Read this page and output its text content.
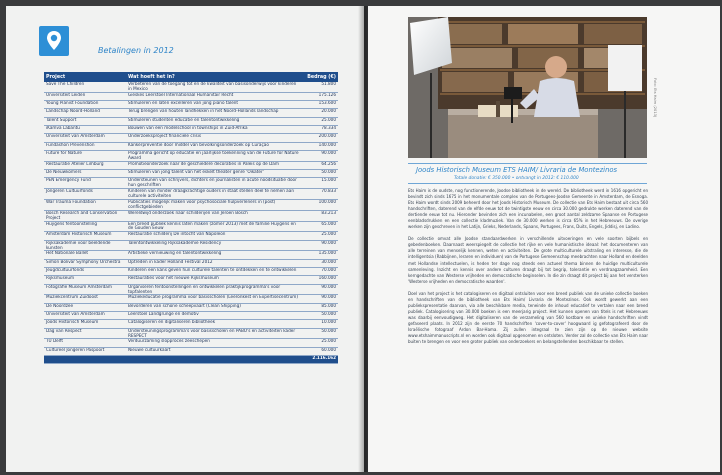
Betalingen in 2012
Project	Wat hoeft het in?	Bedrag (€)
Save The Children	Verbeteren van de toegang tot en de kwaliteit van basisonderwijs voor kinderen in Mexico	51.800
Universiteit Leiden	Gieskes Leerstoel Internationaal Humanitair Recht	175.126
Young Pianist Foundation	Stimuleren en laten excelleren van jong piano talent	153.600
Landschap Noord-Holland	Terug brengen van houten landhekken in het Noord-Hollands landschap	20.000
Talent Support	Stimuleren studenten educatie en talentontwikkeling	25.000
iKamva Labantu	Bouwen van een modelschool in townships in Zuid-Afrika	78.334
Universiteit van Amsterdam	Onderzoeksproject financiële crisis	200.000
Fundashon Prevenshon	Kankerpreventie door middel van bevolkingsonderzoek op Curaçao	140.000
Future for Nature	Programma gericht op educatie en jaarlijkse toekenning van de Future for Nature Award	90.000
Restauratie Atelier Limburg	Promotieonderzoek naar de geschiedere decoraties in Paleis op de Dam	64.256
De Nieuwkomers	Stimuleren van jong talent van het eskelt theater genre 'Oikater'	50.000
PEN Emergency Fund	Ondersteunen van schrijvers, dichters en journalisten in acute noodsituatie door hun geschriften	15.000
Jongeren Cultuurfonds	Kinderen van minder draagkrachtige ouders in staat stellen deel te nemen aan culturele activiteiten	70.833
War Trauma Foundation	Publicaties mogelijk maken voor psychosociale hulpverleners in (post) conflictgebieden	100.000
Bosch Research and Conservation Project	Wereldwijd onderzoek naar schilderijen van Jeroen Bosch	83.213
Huygens fentoonstelling	Een breed publiek kennis laten maken (zomer 2013) met de familie Huygens en de Gouden Eeuw	65.000
Amsterdam Historisch Museum	Restauratie schilderij De intocht van Napoleon	25.000
Rijksakademie voor beeldende kunsten	Talentontwikkeling Rijksakademie Residency	90.000
Het Nationale Ballet	Artistieke vernieuwing en talentontwikkeling	135.000
Simon Bolivar Symphony Orchestra	Optreden in kader Holland Festival 2012	30.000
Jeugdcultuurfonds	Kinderen een kans geven hun culturele talenten te ontdekken en te ontwikkelen	70.000
Rijksmuseum	Restauraties voor het nieuwe Rijksmuseum	160.000
Fotografie Museum Amsterdam	Organiseren fentoonstellingen en ontwikkelen praktijkprogramma's voor topfalenten	90.000
Muziekcentrum Zuidoost	Muziekeducatie programma voor basisscholen (Leeronkest en Expertisecentrum)	90.000
De Noordzee	Bevorderen van schone scheepvaart (Clean Shipping)	85.000
Universiteit van Amsterdam	Leerstoel Landgrunge en demotiv	50.000
Joods Historisch Museum	Catalogiseren en digitaliseren bibliotheek	10.000
Dag van Respect	Ondersteuningsprogramma's voor basisscholen en PABO's en activiteiten kader RESPECT	50.000
TU Delft	Verduurzaming slopproces zeeschepen	25.000
Cultureel Jongeren Paspoort	Nieuwe cultuurkaart	60.000
		2.116.162
Foto: Ets Haim (2013)
Joods Historisch Museum ETS HAIM/ Livraria de Montezinos
Totale donatie: € 350.000 • ontvangt in 2012: € 110.000

Ets Haim is de oudste, nog functionerende, Joodse bibliotheek in de wereld. De bibliotheek werd in 1616 opgericht en bevindt zich sinds 1675 in het monumentale complex van de Portugees-Joodse Gemeente in Amsterdam, de Esnoga. Ets Haim wordt sinds 2009 beheerd door het Joods Historisch Museum. De collectie van Ets Haim bestaat uit circa 560 handschriften, daterend van de elfde eeuw tot de twintigste eeuw en circa 30.000 gedrukte werken daterend van de dertiende eeuw tot nu. Hieronder bevinden zich een incunabelen, een groot aantal zeldzame Spaanse en Portugese eenbladsdrukken en een collectie kladmuziek. Van de 30.000 werken is circa 65% in het Hebreeuws. De overige werken zijn geschreven in het Latijn, Grieks, Nederlands, Spaans, Portugees, Frans, Duits, Engels, Jiddisj, en Ladino.

De collectie omvat alle Joodse standaardwerken in verschillende uitvoeringen en vele soorten bijbels en gebedenboeken. Daarnaast weerspiegelt de collectie het rijke en vele humanistische ideaal: het documenteren van alle terreinen van menselijk kennen, weten en activiteiten. De grote multiculturele uitstraling en interesse, die de intelligentsia (Rabbijnen, leraren en individuen) van de Portugese Gemeenschap meebrachten naar Holland en deelden met Hollandse intellectuelen, is heden ter dage nog steeds een actueel thema binnen de huidige multiculturele samenleving. Inzicht en kennis over andere culturen draagt bij tot begrip, tolerantie en verdraagzaamheid. Een kerngedachte van Westerse vrijheden en democratische beginselen. In die zin draagt dit project bij aan het versterken 'Westerse vrijheden en democratische waarden'.

Doel van het project is het catalogiseren en digitaal ontsluiten voor een breed publiek van de unieke collectie boeken en handschriften van de bibliotheek van Ets Haim/ Livraria de Montezinos. Ook wordt gewerkt aan een publiekspresentatie daarvan, via alle beschikbare media, teneinde de inhoud educatief te vertalen naar een breed publiek. Catalogisering van 30.000 boeken is een meerjarig project. Het kunnen openen van titels is net Hebreeuws was daarbij eenvoudigweg. Het digitaliseren van de verzameling van 560 kostbare en unieke handschriften vindt gefaseerd plaats. In 2012 zijn de eerste 70 handschriften 'cover-to-cover' hoogwaard ig gefotografeerd door de Israëlische fotograaf Ardon Bar-Hama. Zij zullen integraal te zien zijn op de nieuwe website www.etshaimmanuscripts.nl en worden ook digitaal opgenomen en ontsloten. Verder zal de collectie van Ets Haim naar buiten te brengen en voor een groter publiek van onderzoekers en belangstellenden beschikbaar te stellen.
